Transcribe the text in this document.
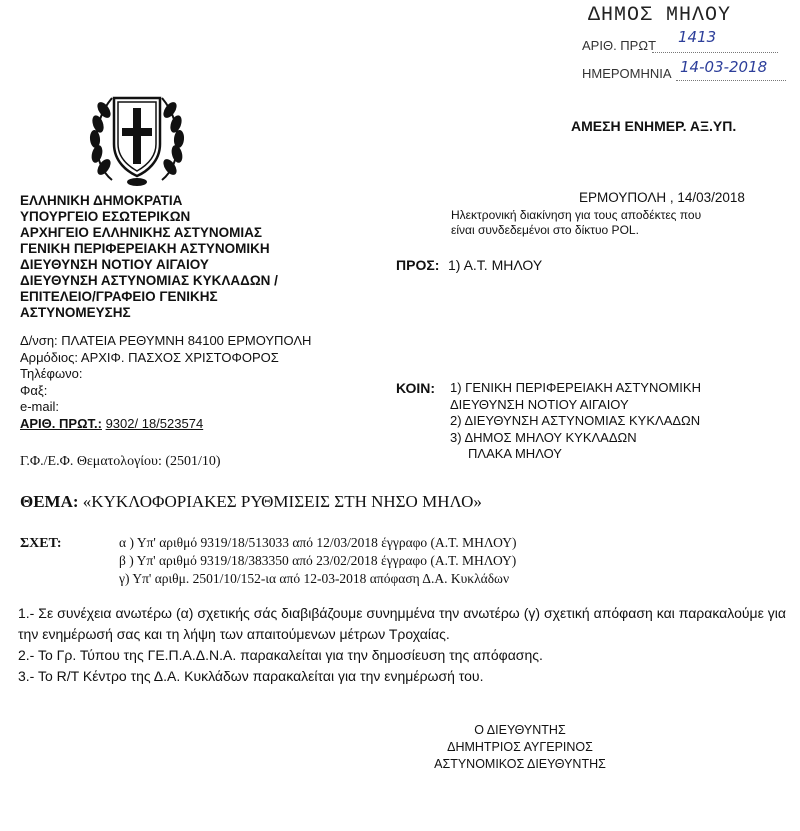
ΔΗΜΟΣ ΜΗΛΟΥ
ΑΡΙΘ. ΠΡΩΤ 1413
ΗΜΕΡΟΜΗΝΙΑ 14-03-2018
ΑΜΕΣΗ ΕΝΗΜΕΡ. ΑΞ.ΥΠ.
ΕΛΛΗΝΙΚΗ ΔΗΜΟΚΡΑΤΙΑ
ΥΠΟΥΡΓΕΙΟ ΕΣΩΤΕΡΙΚΩΝ
ΑΡΧΗΓΕΙΟ ΕΛΛΗΝΙΚΗΣ ΑΣΤΥΝΟΜΙΑΣ
ΓΕΝΙΚΗ ΠΕΡΙΦΕΡΕΙΑΚΗ ΑΣΤΥΝΟΜΙΚΗ
ΔΙΕΥΘΥΝΣΗ ΝΟΤΙΟΥ ΑΙΓΑΙΟΥ
ΔΙΕΥΘΥΝΣΗ ΑΣΤΥΝΟΜΙΑΣ ΚΥΚΛΑΔΩΝ /
ΕΠΙΤΕΛΕΙΟ/ΓΡΑΦΕΙΟ ΓΕΝΙΚΗΣ
ΑΣΤΥΝΟΜΕΥΣΗΣ
Δ/νση: ΠΛΑΤΕΙΑ ΡΕΘΥΜΝΗ 84100 ΕΡΜΟΥΠΟΛΗ
Αρμόδιος: ΑΡΧΙΦ. ΠΑΣΧΟΣ ΧΡΙΣΤΟΦΟΡΟΣ
Τηλέφωνο:
Φαξ:
e-mail:
ΑΡΙΘ. ΠΡΩΤ.: 9302/ 18/523574
Γ.Φ./Ε.Φ. Θεματολογίου: (2501/10)
ΕΡΜΟΥΠΟΛΗ , 14/03/2018
Ηλεκτρονική διακίνηση για τους αποδέκτες που
είναι συνδεδεμένοι στο δίκτυο POL.
ΠΡΟΣ: 1) Α.Τ. ΜΗΛΟΥ
ΚΟΙΝ: 1) ΓΕΝΙΚΗ ΠΕΡΙΦΕΡΕΙΑΚΗ ΑΣΤΥΝΟΜΙΚΗ
ΔΙΕΥΘΥΝΣΗ ΝΟΤΙΟΥ ΑΙΓΑΙΟΥ
2) ΔΙΕΥΘΥΝΣΗ ΑΣΤΥΝΟΜΙΑΣ ΚΥΚΛΑΔΩΝ
3) ΔΗΜΟΣ ΜΗΛΟΥ ΚΥΚΛΑΔΩΝ
ΠΛΑΚΑ ΜΗΛΟΥ
ΘΕΜΑ: «ΚΥΚΛΟΦΟΡΙΑΚΕΣ ΡΥΘΜΙΣΕΙΣ ΣΤΗ ΝΗΣΟ ΜΗΛΟ»
ΣΧΕΤ:	α ) Υπ' αριθμό 9319/18/513033 από 12/03/2018 έγγραφο (Α.Τ. ΜΗΛΟΥ)
β ) Υπ' αριθμό 9319/18/383350 από 23/02/2018 έγγραφο (Α.Τ. ΜΗΛΟΥ)
γ) Υπ' αριθμ. 2501/10/152-ια από 12-03-2018 απόφαση Δ.Α. Κυκλάδων

1.- Σε συνέχεια ανωτέρω (α) σχετικής σάς διαβιβάζουμε συνημμένα την ανωτέρω (γ) σχετική απόφαση και παρακαλούμε για την ενημέρωσή σας και τη λήψη των απαιτούμενων μέτρων Τροχαίας.

2.- Το Γρ. Τύπου της ΓΕ.Π.Α.Δ.Ν.Α. παρακαλείται για την δημοσίευση της απόφασης.

3.- Το R/T Κέντρο της Δ.Α. Κυκλάδων παρακαλείται για την ενημέρωσή του.

Ο ΔΙΕΥΘΥΝΤΗΣ
ΔΗΜΗΤΡΙΟΣ ΑΥΓΕΡΙΝΟΣ
ΑΣΤΥΝΟΜΙΚΟΣ ΔΙΕΥΘΥΝΤΗΣ
